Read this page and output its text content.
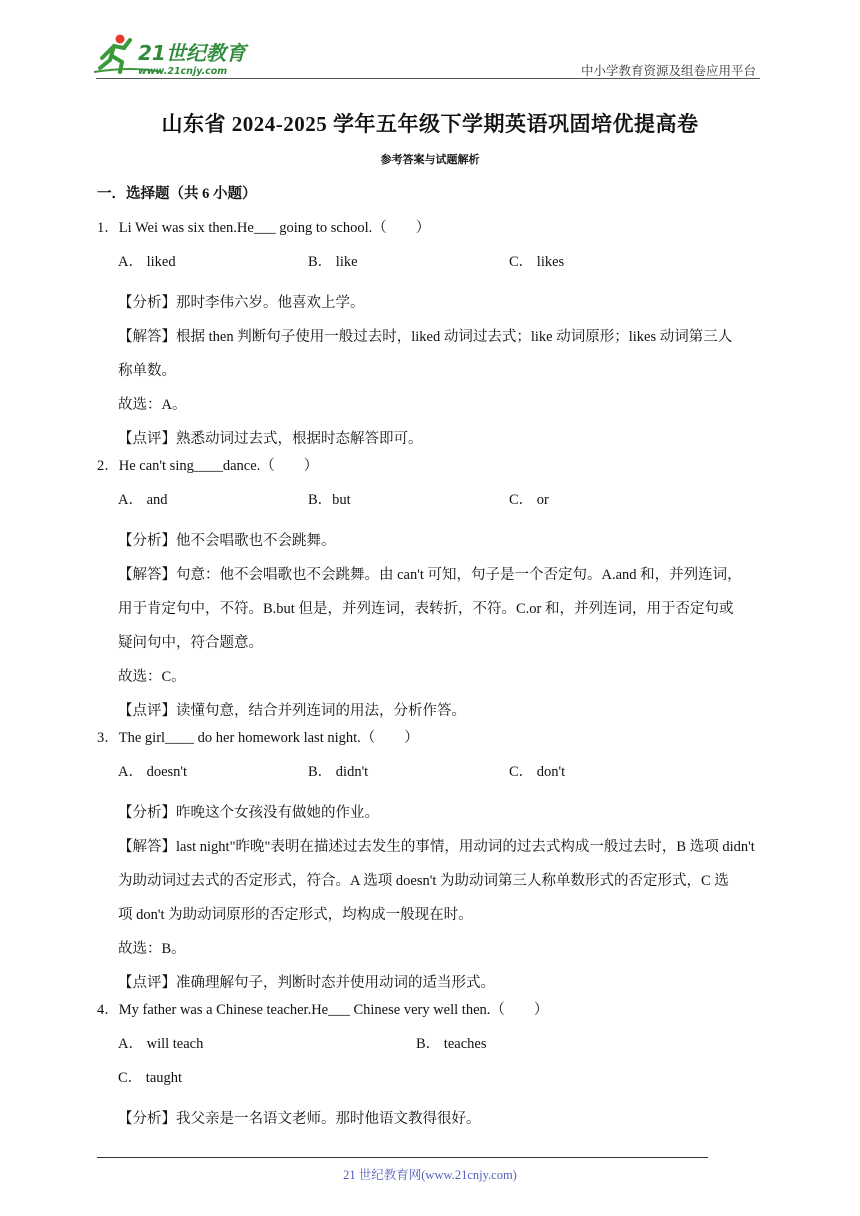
21世纪教育
www.21cnjy.com	中小学教育资源及组卷应用平台
山东省 2024-2025 学年五年级下学期英语巩固培优提高卷
参考答案与试题解析
一．选择题（共 6 小题）
1．Li Wei was six then.He___ going to school.（　　）
A． liked	B． like	C． likes
【分析】那时李伟六岁。他喜欢上学。
【解答】根据 then 判断句子使用一般过去时，liked 动词过去式；like 动词原形；likes 动词第三人
称单数。
故选：A。
【点评】熟悉动词过去式，根据时态解答即可。
2．He can't sing____dance.（　　）
A． and	B．but	C． or
【分析】他不会唱歌也不会跳舞。
【解答】句意：他不会唱歌也不会跳舞。由 can't 可知，句子是一个否定句。A.and 和，并列连词，
用于肯定句中，不符。B.but 但是，并列连词，表转折，不符。C.or 和，并列连词，用于否定句或
疑问句中，符合题意。
故选：C。
【点评】读懂句意，结合并列连词的用法，分析作答。
3．The girl____ do her homework last night.（　　）
A． doesn't	B． didn't	C． don't
【分析】昨晚这个女孩没有做她的作业。
【解答】last night"昨晚"表明在描述过去发生的事情，用动词的过去式构成一般过去时，B 选项 didn't
为助动词过去式的否定形式，符合。A 选项 doesn't 为助动词第三人称单数形式的否定形式，C 选
项 don't 为助动词原形的否定形式，均构成一般现在时。
故选：B。
【点评】准确理解句子，判断时态并使用动词的适当形式。
4．My father was a Chinese teacher.He___ Chinese very well then.（　　）
A． will teach	B． teaches
C． taught
【分析】我父亲是一名语文老师。那时他语文教得很好。
21 世纪教育网(www.21cnjy.com)
